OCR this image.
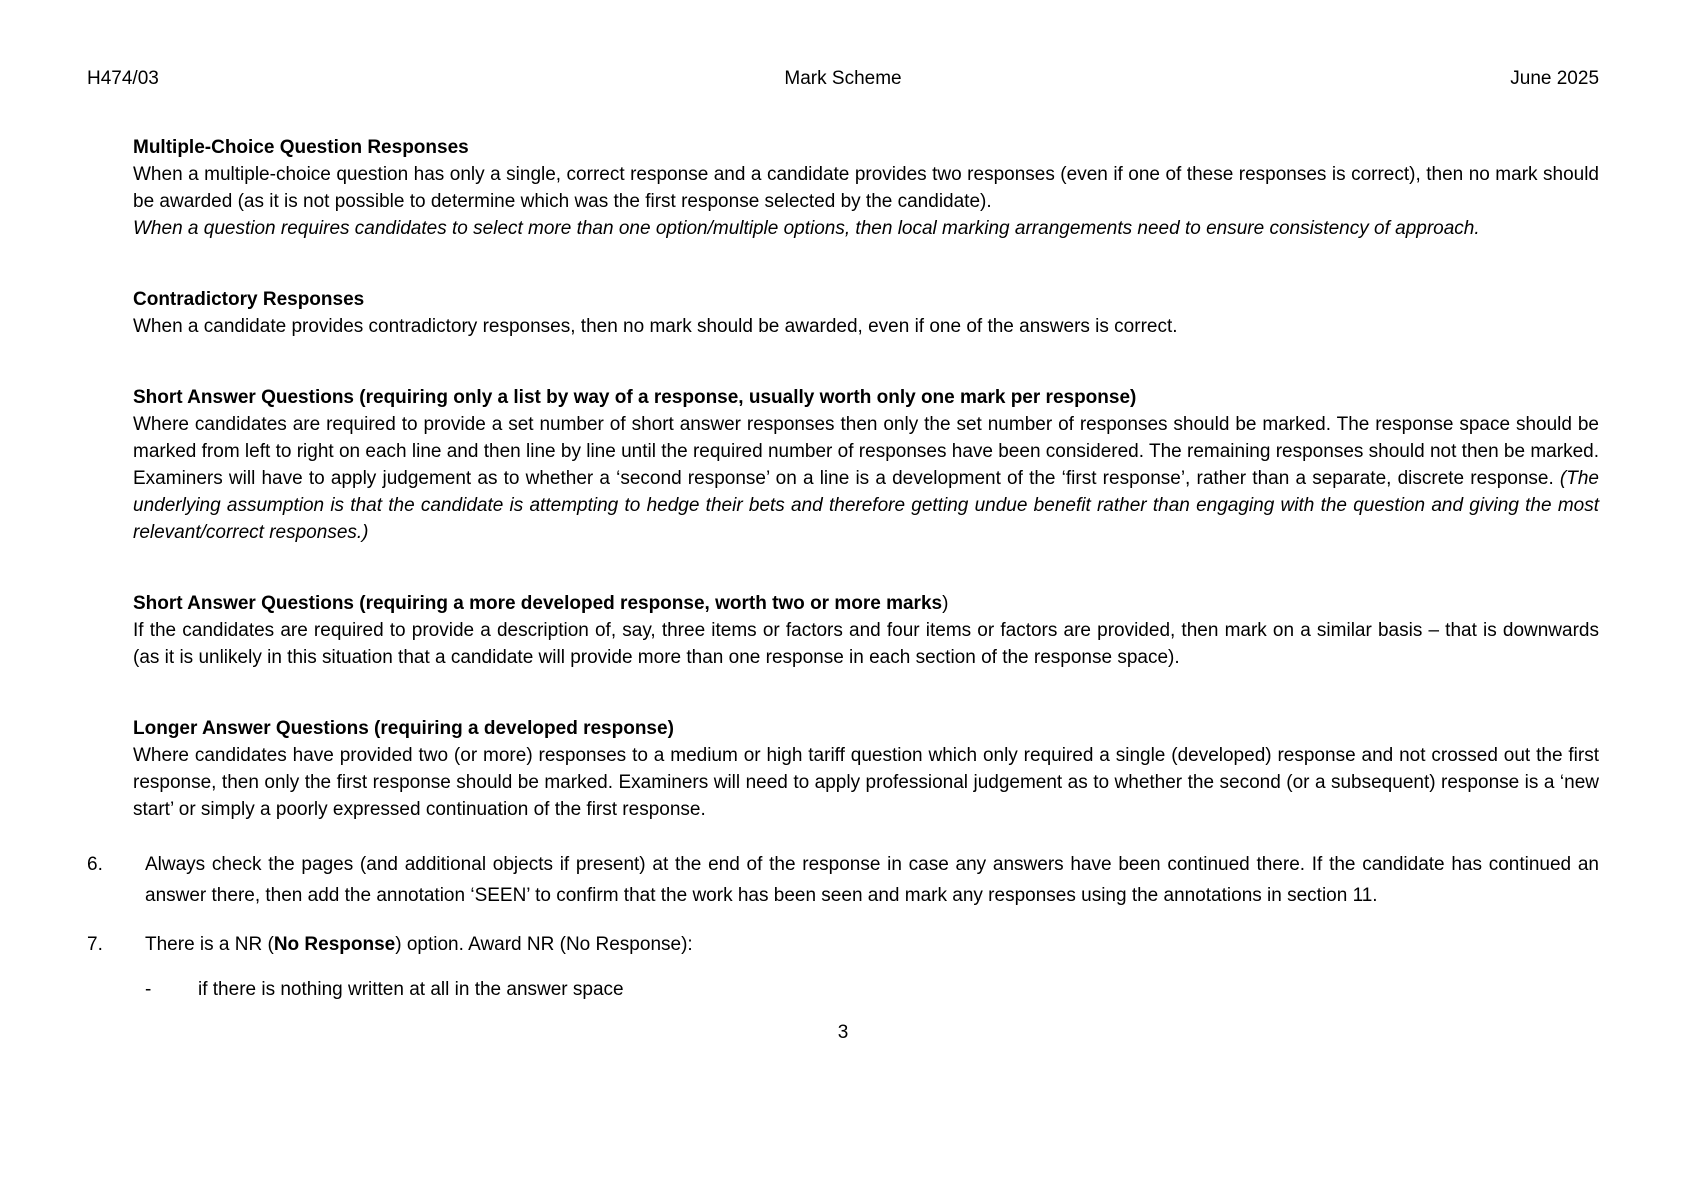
H474/03	Mark Scheme	June 2025
Multiple-Choice Question Responses

When a multiple-choice question has only a single, correct response and a candidate provides two responses (even if one of these responses is correct), then no mark should be awarded (as it is not possible to determine which was the first response selected by the candidate).

When a question requires candidates to select more than one option/multiple options, then local marking arrangements need to ensure consistency of approach.

Contradictory Responses

When a candidate provides contradictory responses, then no mark should be awarded, even if one of the answers is correct.

Short Answer Questions (requiring only a list by way of a response, usually worth only one mark per response)

Where candidates are required to provide a set number of short answer responses then only the set number of responses should be marked. The response space should be marked from left to right on each line and then line by line until the required number of responses have been considered. The remaining responses should not then be marked. Examiners will have to apply judgement as to whether a ‘second response’ on a line is a development of the ‘first response’, rather than a separate, discrete response. (The underlying assumption is that the candidate is attempting to hedge their bets and therefore getting undue benefit rather than engaging with the question and giving the most relevant/correct responses.)

Short Answer Questions (requiring a more developed response, worth two or more marks)

If the candidates are required to provide a description of, say, three items or factors and four items or factors are provided, then mark on a similar basis – that is downwards (as it is unlikely in this situation that a candidate will provide more than one response in each section of the response space).

Longer Answer Questions (requiring a developed response)

Where candidates have provided two (or more) responses to a medium or high tariff question which only required a single (developed) response and not crossed out the first response, then only the first response should be marked. Examiners will need to apply professional judgement as to whether the second (or a subsequent) response is a ‘new start’ or simply a poorly expressed continuation of the first response.

6.	Always check the pages (and additional objects if present) at the end of the response in case any answers have been continued there. If the candidate has continued an answer there, then add the annotation ‘SEEN’ to confirm that the work has been seen and mark any responses using the annotations in section 11.
7.	There is a NR (No Response) option. Award NR (No Response):
-	if there is nothing written at all in the answer space
3
